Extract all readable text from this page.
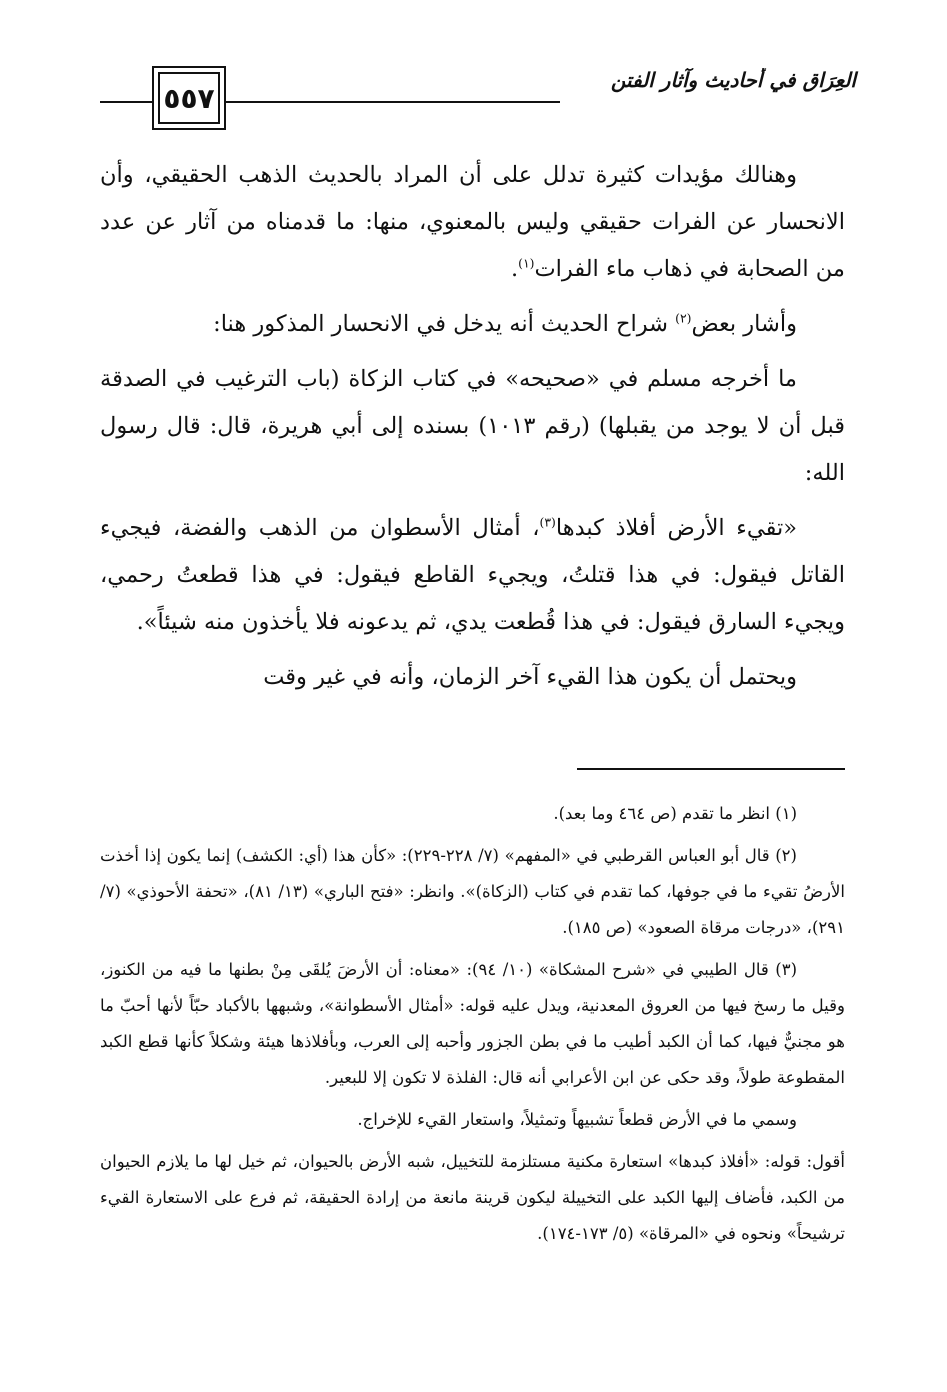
٥٥٧
العِرَاق في أحاديث وآثار الفتن

وهنالك مؤيدات كثيرة تدلل على أن المراد بالحديث الذهب الحقيقي، وأن الانحسار عن الفرات حقيقي وليس بالمعنوي، منها: ما قدمناه من آثار عن عدد من الصحابة في ذهاب ماء الفرات$^{(١)}$.

وأشار بعض$^{(٢)}$ شراح الحديث أنه يدخل في الانحسار المذكور هنا:

ما أخرجه مسلم في «صحيحه» في كتاب الزكاة (باب الترغيب في الصدقة قبل أن لا يوجد من يقبلها) (رقم ١٠١٣) بسنده إلى أبي هريرة، قال: قال رسول الله:

«تقيء الأرض أفلاذ كبدها$^{(٣)}$، أمثال الأسطوان من الذهب والفضة، فيجيء القاتل فيقول: في هذا قتلتُ، ويجيء القاطع فيقول: في هذا قطعتُ رحمي، ويجيء السارق فيقول: في هذا قُطعت يدي، ثم يدعونه فلا يأخذون منه شيئاً».

ويحتمل أن يكون هذا القيء آخر الزمان، وأنه في غير وقت

(١) انظر ما تقدم (ص ٤٦٤ وما بعد).

(٢) قال أبو العباس القرطبي في «المفهم» (٧/ ٢٢٨-٢٢٩): «كأن هذا (أي: الكشف) إنما يكون إذا أخذت الأرضُ تقيء ما في جوفها، كما تقدم في كتاب (الزكاة)». وانظر: «فتح الباري» (١٣/ ٨١)، «تحفة الأحوذي» (٧/ ٢٩١)، «درجات مرقاة الصعود» (ص ١٨٥).

(٣) قال الطيبي في «شرح المشكاة» (١٠/ ٩٤): «معناه: أن الأرضَ يُلقَى مِنْ بطنها ما فيه من الكنوز، وقيل ما رسخ فيها من العروق المعدنية، ويدل عليه قوله: «أمثال الأسطوانة»، وشبهها بالأكباد حبّاً لأنها أحبّ ما هو مجنيٌّ فيها، كما أن الكبد أطيب ما في بطن الجزور وأحبه إلى العرب، وبأفلاذها هيئة وشكلاً كأنها قطع الكبد المقطوعة طولاً، وقد حكى عن ابن الأعرابي أنه قال: الفلذة لا تكون إلا للبعير.

وسمي ما في الأرض قطعاً تشبيهاً وتمثيلاً، واستعار القيء للإخراج.

أقول: قوله: «أفلاذ كبدها» استعارة مكنية مستلزمة للتخييل، شبه الأرض بالحيوان، ثم خيل لها ما يلازم الحيوان من الكبد، فأضاف إليها الكبد على التخييلة ليكون قرينة مانعة من إرادة الحقيقة، ثم فرع على الاستعارة القيء ترشيحاً» ونحوه في «المرقاة» (٥/ ١٧٣-١٧٤).
